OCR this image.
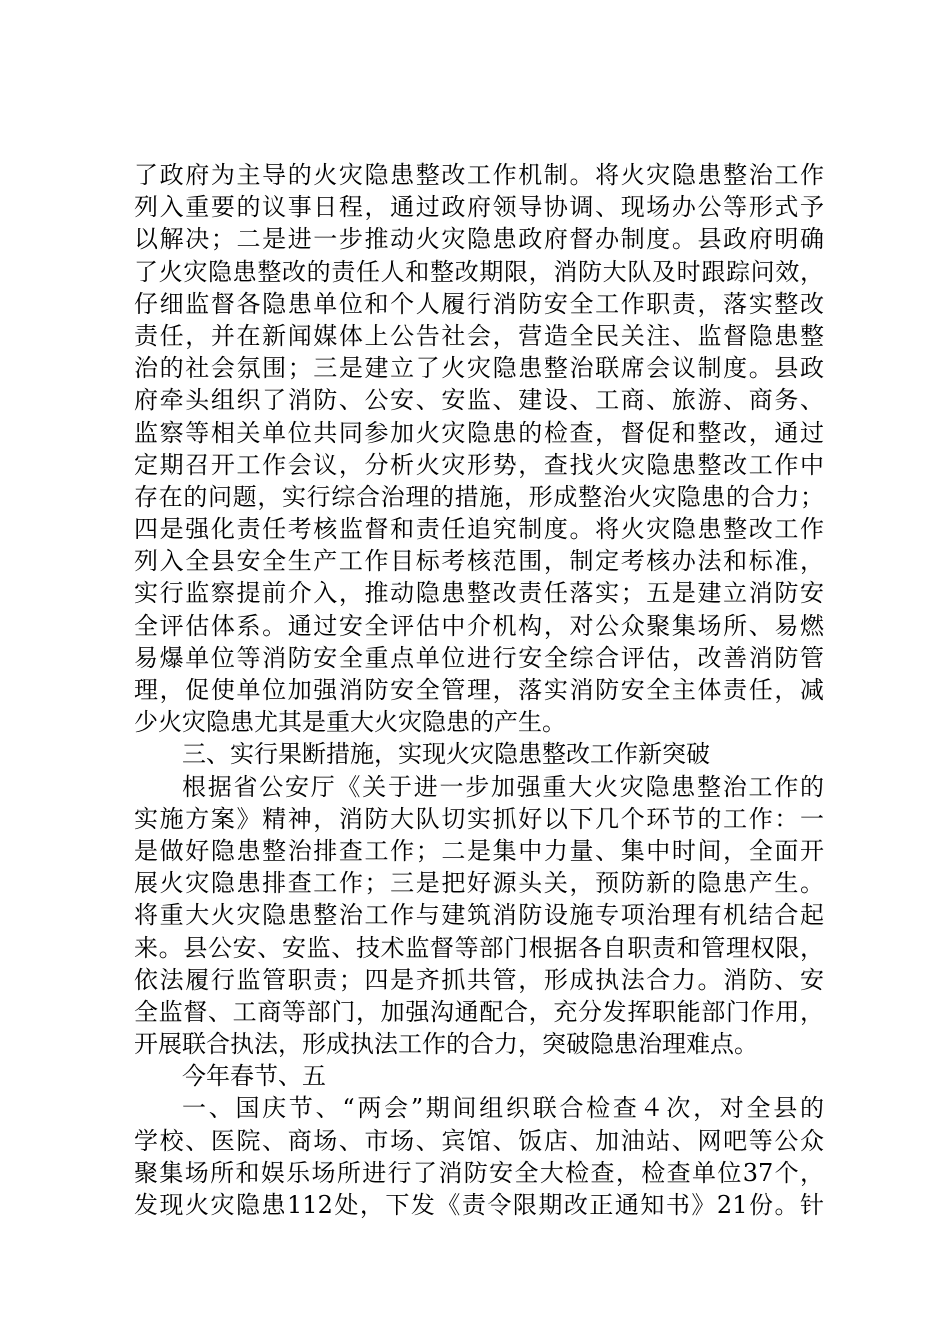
了政府为主导的火灾隐患整改工作机制。将火灾隐患整治工作
列入重要的议事日程，通过政府领导协调、现场办公等形式予
以解决；二是进一步推动火灾隐患政府督办制度。县政府明确
了火灾隐患整改的责任人和整改期限，消防大队及时跟踪问效，
仔细监督各隐患单位和个人履行消防安全工作职责，落实整改
责任，并在新闻媒体上公告社会，营造全民关注、监督隐患整
治的社会氛围；三是建立了火灾隐患整治联席会议制度。县政
府牵头组织了消防、公安、安监、建设、工商、旅游、商务、
监察等相关单位共同参加火灾隐患的检查，督促和整改，通过
定期召开工作会议，分析火灾形势，查找火灾隐患整改工作中
存在的问题，实行综合治理的措施，形成整治火灾隐患的合力；
四是强化责任考核监督和责任追究制度。将火灾隐患整改工作
列入全县安全生产工作目标考核范围，制定考核办法和标准，
实行监察提前介入，推动隐患整改责任落实；五是建立消防安
全评估体系。通过安全评估中介机构，对公众聚集场所、易燃
易爆单位等消防安全重点单位进行安全综合评估，改善消防管
理，促使单位加强消防安全管理，落实消防安全主体责任，减
少火灾隐患尤其是重大火灾隐患的产生。
三、实行果断措施，实现火灾隐患整改工作新突破
根据省公安厅《关于进一步加强重大火灾隐患整治工作的
实施方案》精神，消防大队切实抓好以下几个环节的工作：一
是做好隐患整治排查工作；二是集中力量、集中时间，全面开
展火灾隐患排查工作；三是把好源头关，预防新的隐患产生。
将重大火灾隐患整治工作与建筑消防设施专项治理有机结合起
来。县公安、安监、技术监督等部门根据各自职责和管理权限，
依法履行监管职责；四是齐抓共管，形成执法合力。消防、安
全监督、工商等部门，加强沟通配合，充分发挥职能部门作用，
开展联合执法，形成执法工作的合力，突破隐患治理难点。
今年春节、五
一、国庆节、“两会”期间组织联合检查４次，对全县的
学校、医院、商场、市场、宾馆、饭店、加油站、网吧等公众
聚集场所和娱乐场所进行了消防安全大检查，检查单位37个，
发现火灾隐患112处，下发《责令限期改正通知书》21份。针
